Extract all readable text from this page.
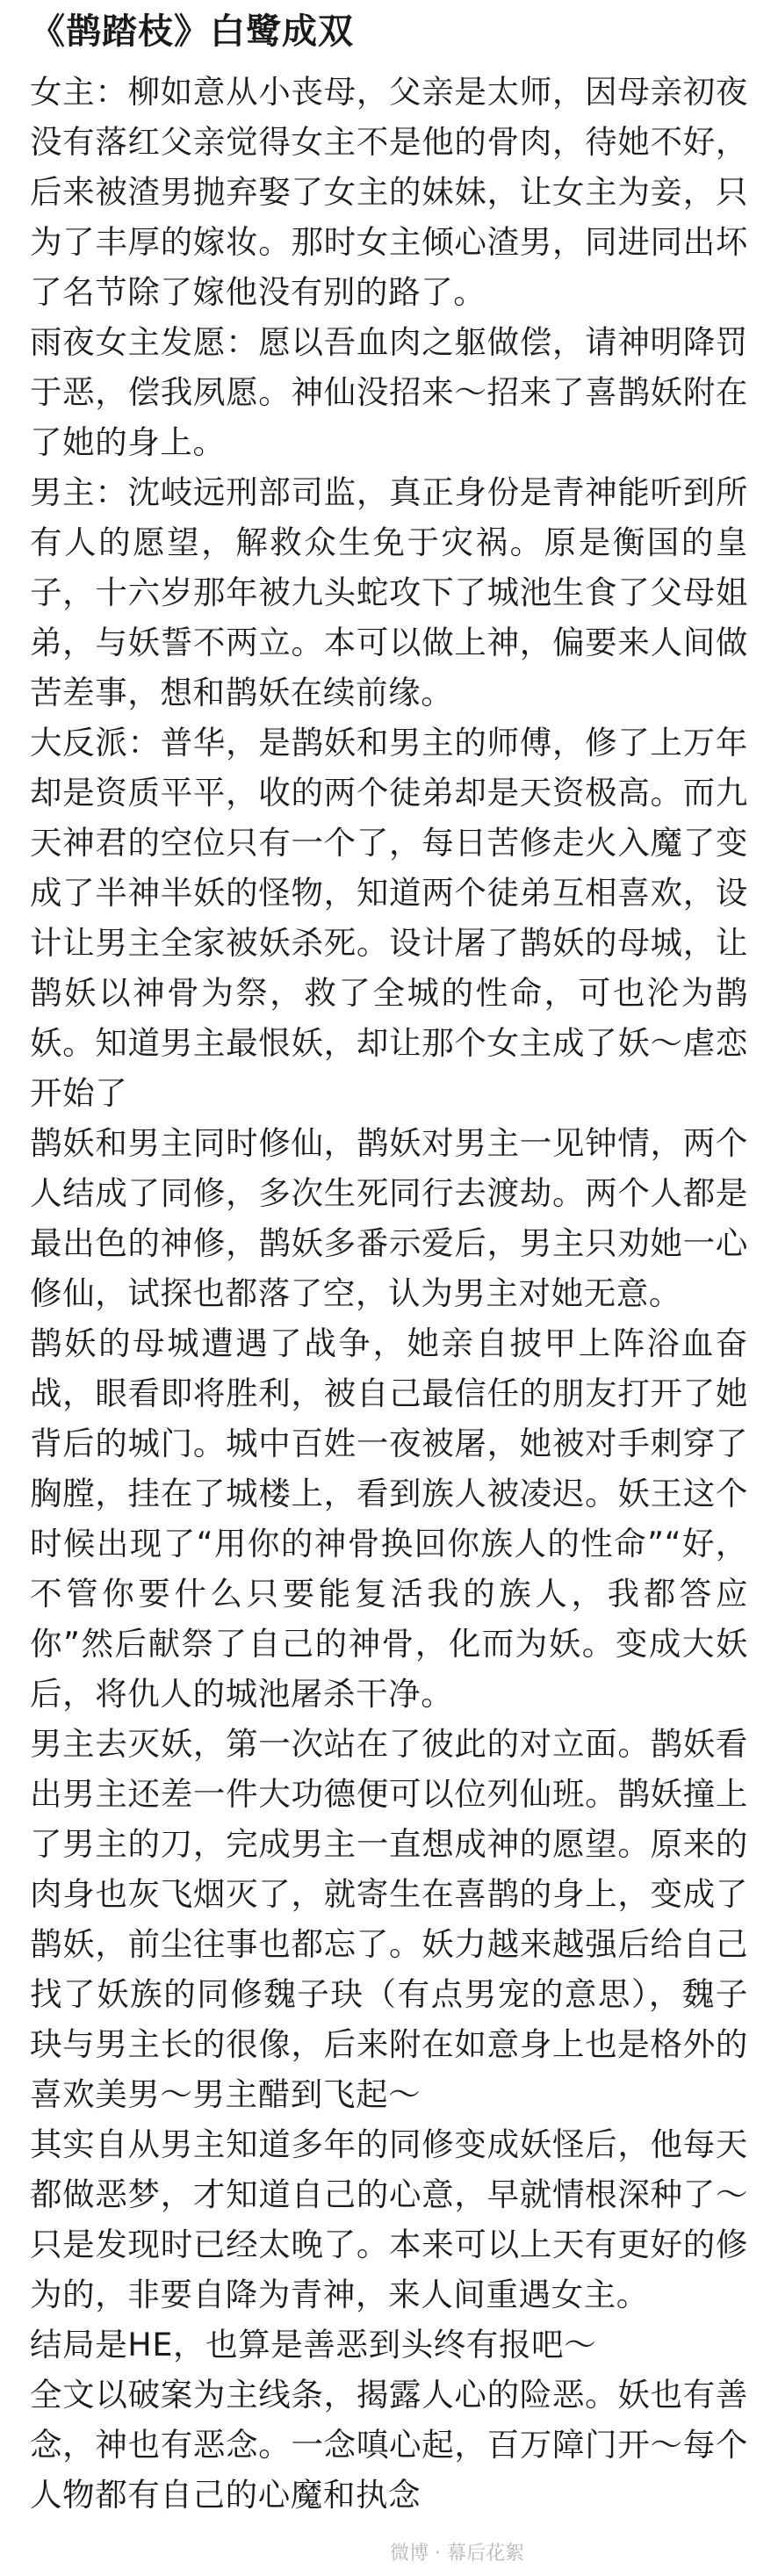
《鹊踏枝》白鹭成双
女主：柳如意从小丧母，父亲是太师，因母亲初夜没有落红父亲觉得女主不是他的骨肉，待她不好，后来被渣男抛弃娶了女主的妹妹，让女主为妾，只为了丰厚的嫁妆。那时女主倾心渣男，同进同出坏了名节除了嫁他没有别的路了。
雨夜女主发愿：愿以吾血肉之躯做偿，请神明降罚于恶，偿我夙愿。神仙没招来～招来了喜鹊妖附在了她的身上。
男主：沈岐远刑部司监，真正身份是青神能听到所有人的愿望，解救众生免于灾祸。原是衡国的皇子，十六岁那年被九头蛇攻下了城池生食了父母姐弟，与妖誓不两立。本可以做上神，偏要来人间做苦差事，想和鹊妖在续前缘。
大反派：普华，是鹊妖和男主的师傅，修了上万年却是资质平平，收的两个徒弟却是天资极高。而九天神君的空位只有一个了，每日苦修走火入魔了变成了半神半妖的怪物，知道两个徒弟互相喜欢，设计让男主全家被妖杀死。设计屠了鹊妖的母城，让鹊妖以神骨为祭，救了全城的性命，可也沦为鹊妖。知道男主最恨妖，却让那个女主成了妖～虐恋开始了
鹊妖和男主同时修仙，鹊妖对男主一见钟情，两个人结成了同修，多次生死同行去渡劫。两个人都是最出色的神修，鹊妖多番示爱后，男主只劝她一心修仙，试探也都落了空，认为男主对她无意。
鹊妖的母城遭遇了战争，她亲自披甲上阵浴血奋战，眼看即将胜利，被自己最信任的朋友打开了她背后的城门。城中百姓一夜被屠，她被对手刺穿了胸膛，挂在了城楼上，看到族人被凌迟。妖王这个时候出现了“用你的神骨换回你族人的性命”“好，不管你要什么只要能复活我的族人，我都答应你”然后献祭了自己的神骨，化而为妖。变成大妖后，将仇人的城池屠杀干净。
男主去灭妖，第一次站在了彼此的对立面。鹊妖看出男主还差一件大功德便可以位列仙班。鹊妖撞上了男主的刀，完成男主一直想成神的愿望。原来的肉身也灰飞烟灭了，就寄生在喜鹊的身上，变成了鹊妖，前尘往事也都忘了。妖力越来越强后给自己找了妖族的同修魏子玦（有点男宠的意思），魏子玦与男主长的很像，后来附在如意身上也是格外的喜欢美男～男主醋到飞起～
其实自从男主知道多年的同修变成妖怪后，他每天都做恶梦，才知道自己的心意，早就情根深种了～只是发现时已经太晚了。本来可以上天有更好的修为的，非要自降为青神，来人间重遇女主。
结局是HE，也算是善恶到头终有报吧～
全文以破案为主线条，揭露人心的险恶。妖也有善念，神也有恶念。一念嗔心起，百万障门开～每个人物都有自己的心魔和执念
微博 · 幕后花絮
